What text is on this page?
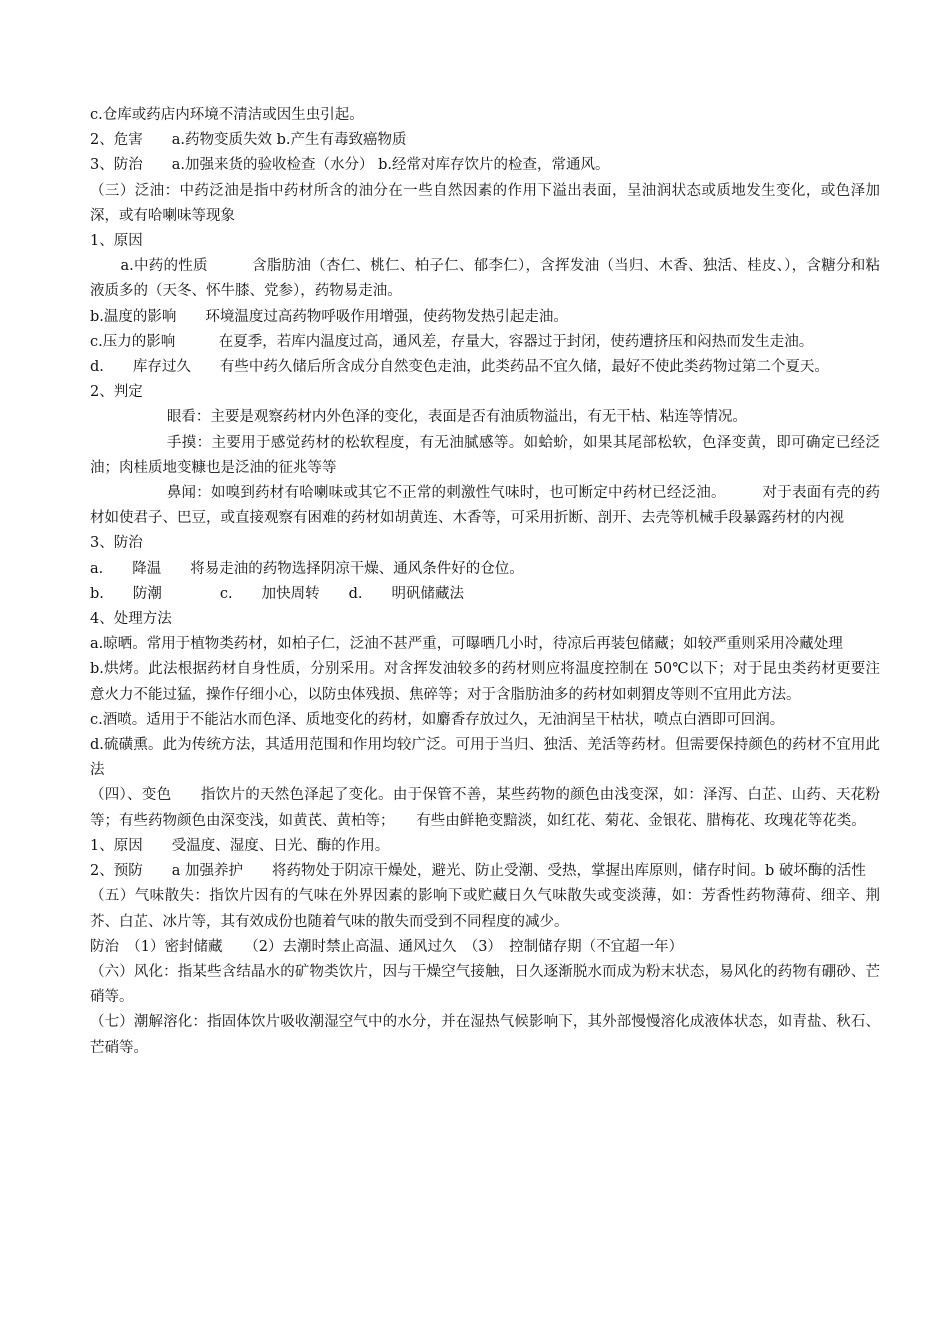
c.仓库或药店内环境不清洁或因生虫引起。

2、危害　　a.药物变质失效 b.产生有毒致癌物质

3、防治　　a.加强来货的验收检查（水分） b.经常对库存饮片的检查，常通风。

（三）泛油：中药泛油是指中药材所含的油分在一些自然因素的作用下溢出表面，呈油润状态或质地发生变化，或色泽加深，或有哈喇味等现象

1、原因

a.中药的性质　　　含脂肪油（杏仁、桃仁、柏子仁、郁李仁），含挥发油（当归、木香、独活、桂皮、），含糖分和粘液质多的（天冬、怀牛膝、党参），药物易走油。

b.温度的影响　　环境温度过高药物呼吸作用增强，使药物发热引起走油。

c.压力的影响　　　在夏季，若库内温度过高，通风差，存量大，容器过于封闭，使药遭挤压和闷热而发生走油。

d.　　库存过久　　有些中药久储后所含成分自然变色走油，此类药品不宜久储，最好不使此类药物过第二个夏天。

2、判定

眼看：主要是观察药材内外色泽的变化，表面是否有油质物溢出，有无干枯、粘连等情况。

手摸：主要用于感觉药材的松软程度，有无油腻感等。如蛤蚧，如果其尾部松软，色泽变黄，即可确定已经泛油；肉桂质地变糠也是泛油的征兆等等

鼻闻：如嗅到药材有哈喇味或其它不正常的刺激性气味时，也可断定中药材已经泛油。　　　对于表面有壳的药材如使君子、巴豆，或直接观察有困难的药材如胡黄连、木香等，可采用折断、剖开、去壳等机械手段暴露药材的内视

3、防治

a.　　降温　　将易走油的药物选择阴凉干燥、通风条件好的仓位。

b.　　防潮　　　　c.　　加快周转　　d.　　明矾储藏法

4、处理方法

a.晾晒。常用于植物类药材，如柏子仁，泛油不甚严重，可曝晒几小时，待凉后再装包储藏；如较严重则采用冷藏处理

b.烘烤。此法根据药材自身性质，分别采用。对含挥发油较多的药材则应将温度控制在 50℃以下；对于昆虫类药材更要注意火力不能过猛，操作仔细小心，以防虫体残损、焦碎等；对于含脂肪油多的药材如刺猬皮等则不宜用此方法。

c.酒喷。适用于不能沾水而色泽、质地变化的药材，如麝香存放过久，无油润呈干枯状，喷点白酒即可回润。

d.硫磺熏。此为传统方法，其适用范围和作用均较广泛。可用于当归、独活、羌活等药材。但需要保持颜色的药材不宜用此法

（四）、变色　　指饮片的天然色泽起了变化。由于保管不善，某些药物的颜色由浅变深，如：泽泻、白芷、山药、天花粉等；有些药物颜色由深变浅，如黄芪、黄柏等；　　有些由鲜艳变黯淡，如红花、菊花、金银花、腊梅花、玫瑰花等花类。

1、原因　　受温度、湿度、日光、酶的作用。

2、预防　　a 加强养护　　将药物处于阴凉干燥处，避光、防止受潮、受热，掌握出库原则，储存时间。b 破坏酶的活性

（五）气味散失：指饮片因有的气味在外界因素的影响下或贮藏日久气味散失或变淡薄，如：芳香性药物薄荷、细辛、荆芥、白芷、冰片等，其有效成份也随着气味的散失而受到不同程度的减少。

防治　（1）密封储藏　　（2）去潮时禁止高温、通风过久　（3）　控制储存期（不宜超一年）

（六）风化：指某些含结晶水的矿物类饮片，因与干燥空气接触，日久逐渐脱水而成为粉末状态，易风化的药物有硼砂、芒硝等。

（七）潮解溶化：指固体饮片吸收潮湿空气中的水分，并在湿热气候影响下，其外部慢慢溶化成液体状态，如青盐、秋石、芒硝等。
